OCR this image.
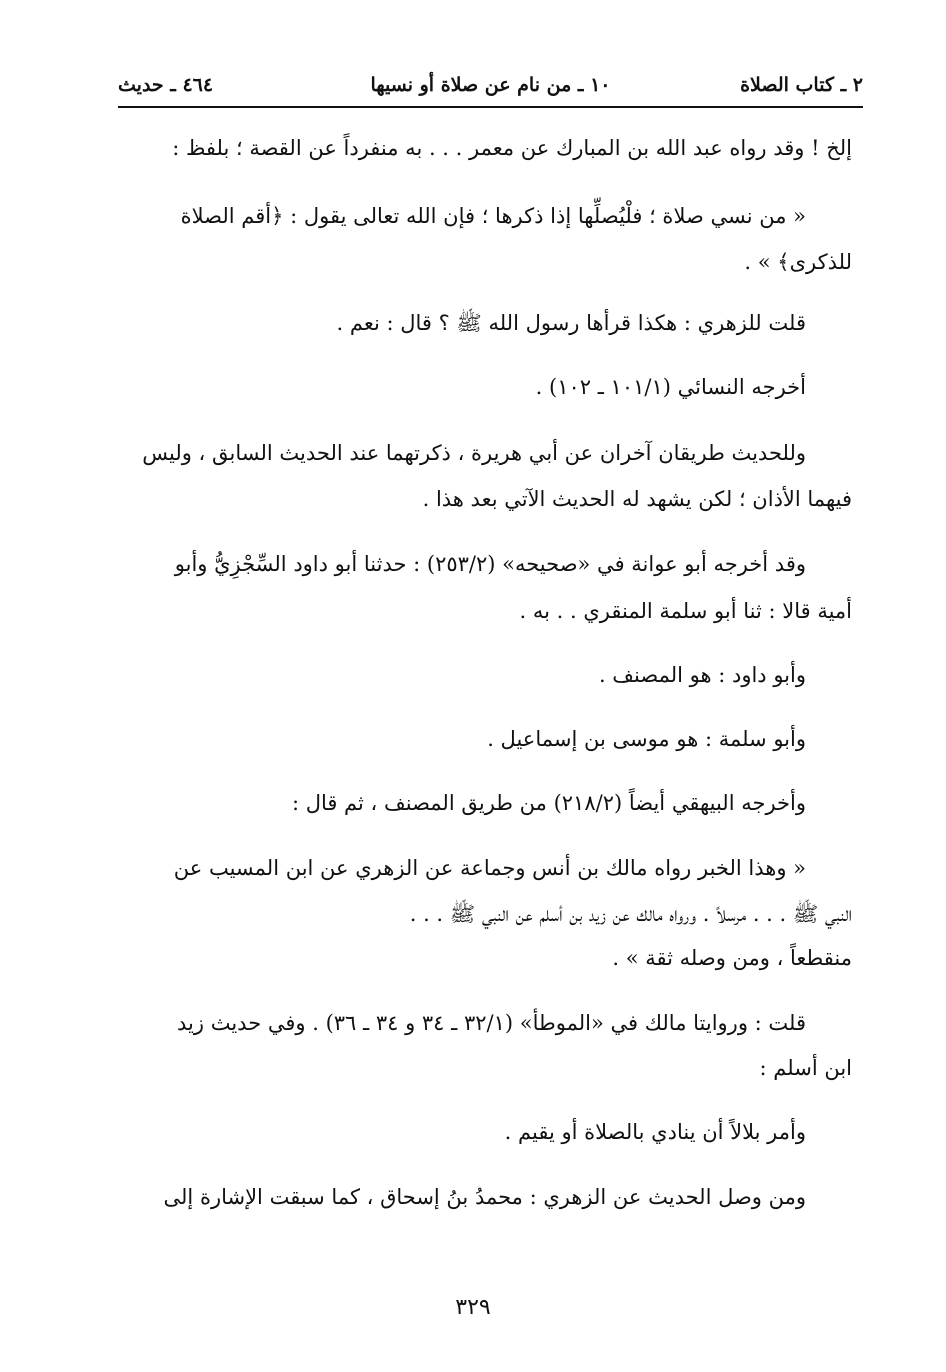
٢ ـ كتاب الصلاة
١٠ ـ من نام عن صلاة أو نسيها
٤٦٤ ـ حديث
إلخ ! وقد رواه عبد الله بن المبارك عن معمر . . . به منفرداً عن القصة ؛ بلفظ :
« من نسي صلاة ؛ فلْيُصلِّها إذا ذكرها ؛ فإن الله تعالى يقول : ﴿أقم الصلاة
للذكرى﴾ » .
قلت للزهري : هكذا قرأها رسول الله ﷺ ؟ قال : نعم .
أخرجه النسائي (١٠١/١ ـ ١٠٢) .
وللحديث طريقان آخران عن أبي هريرة ، ذكرتهما عند الحديث السابق ، وليس
فيهما الأذان ؛ لكن يشهد له الحديث الآتي بعد هذا .
وقد أخرجه أبو عوانة في «صحيحه» (٢٥٣/٢) : حدثنا أبو داود السِّجْزِيُّ وأبو
أمية قالا : ثنا أبو سلمة المنقري . . به .
وأبو داود : هو المصنف .
وأبو سلمة : هو موسى بن إسماعيل .
وأخرجه البيهقي أيضاً (٢١٨/٢) من طريق المصنف ، ثم قال :
« وهذا الخبر رواه مالك بن أنس وجماعة عن الزهري عن ابن المسيب عن
النبي ﷺ . . . مرسلاً . ورواه مالك عن زيد بن أسلم عن النبي ﷺ . . .
منقطعاً ، ومن وصله ثقة » .
قلت : وروايتا مالك في «الموطأ» (٣٢/١ ـ ٣٤ و ٣٤ ـ ٣٦) . وفي حديث زيد
ابن أسلم :
وأمر بلالاً أن ينادي بالصلاة أو يقيم .
ومن وصل الحديث عن الزهري : محمدُ بنُ إسحاق ، كما سبقت الإشارة إلى
٣٢٩
